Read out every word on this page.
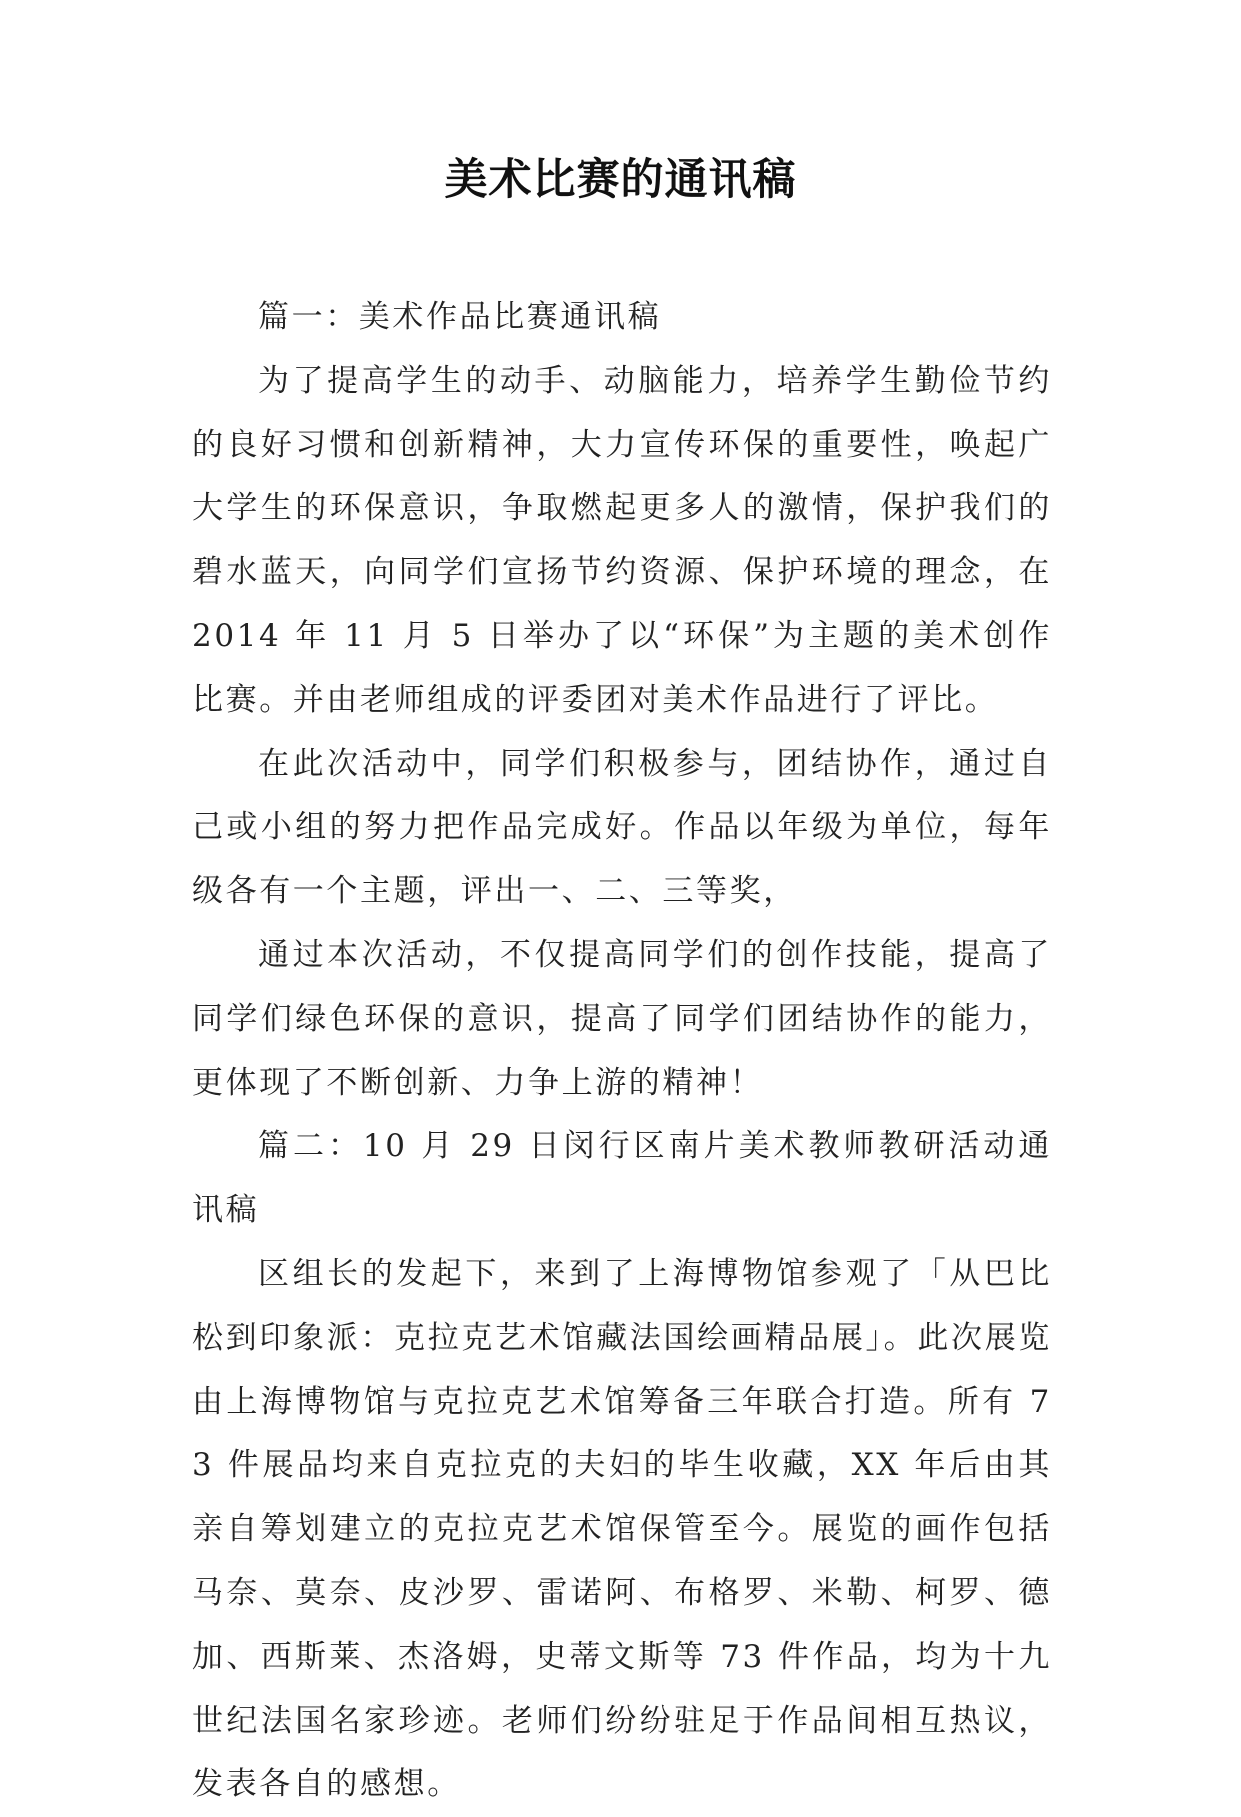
美术比赛的通讯稿

篇一：美术作品比赛通讯稿

为了提高学生的动手、动脑能力，培养学生勤俭节约的良好习惯和创新精神，大力宣传环保的重要性，唤起广大学生的环保意识，争取燃起更多人的激情，保护我们的碧水蓝天，向同学们宣扬节约资源、保护环境的理念，在 2014 年 11 月 5 日举办了以“环保”为主题的美术创作比赛。并由老师组成的评委团对美术作品进行了评比。

在此次活动中，同学们积极参与，团结协作，通过自己或小组的努力把作品完成好。作品以年级为单位，每年级各有一个主题，评出一、二、三等奖，

通过本次活动，不仅提高同学们的创作技能，提高了同学们绿色环保的意识，提高了同学们团结协作的能力，更体现了不断创新、力争上游的精神！

篇二：10 月 29 日闵行区南片美术教师教研活动通讯稿

区组长的发起下，来到了上海博物馆参观了「从巴比松到印象派：克拉克艺术馆藏法国绘画精品展」。此次展览由上海博物馆与克拉克艺术馆筹备三年联合打造。所有 73 件展品均来自克拉克的夫妇的毕生收藏，XX 年后由其亲自筹划建立的克拉克艺术馆保管至今。展览的画作包括马奈、莫奈、皮沙罗、雷诺阿、布格罗、米勒、柯罗、德加、西斯莱、杰洛姆，史蒂文斯等 73 件作品，均为十九世纪法国名家珍迹。老师们纷纷驻足于作品间相互热议，发表各自的感想。
